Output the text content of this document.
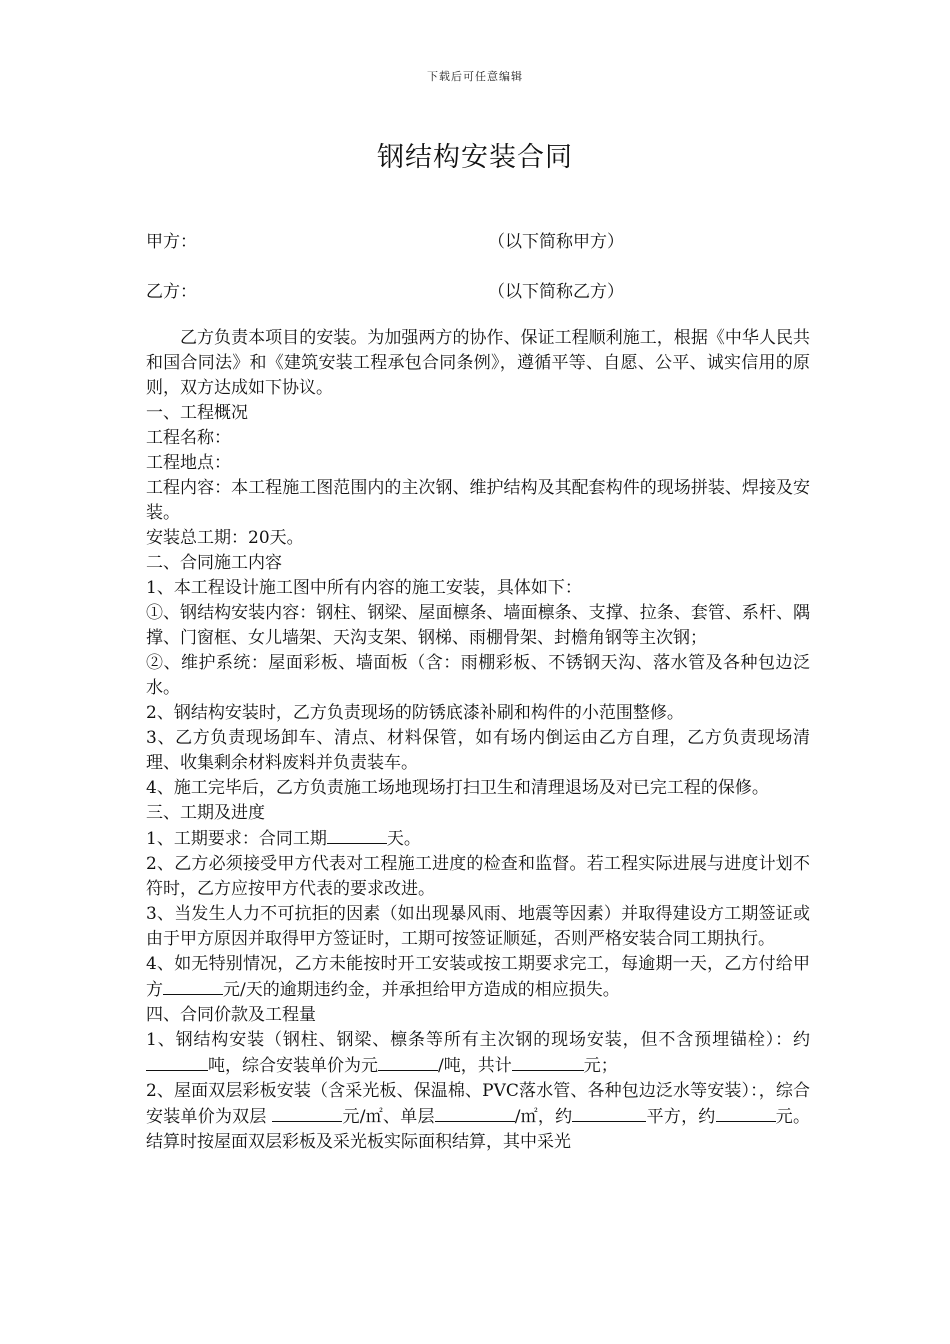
下载后可任意编辑
钢结构安装合同
甲方：	（以下简称甲方）
乙方：	（以下简称乙方）

乙方负责本项目的安装。为加强两方的协作、保证工程顺利施工，根据《中华人民共和国合同法》和《建筑安装工程承包合同条例》，遵循平等、自愿、公平、诚实信用的原则，双方达成如下协议。

一、工程概况

工程名称：

工程地点：

工程内容：本工程施工图范围内的主次钢、维护结构及其配套构件的现场拼装、焊接及安装。

安装总工期：20天。

二、合同施工内容

1、本工程设计施工图中所有内容的施工安装，具体如下：

①、钢结构安装内容：钢柱、钢梁、屋面檩条、墙面檩条、支撑、拉条、套管、系杆、隅撑、门窗框、女儿墙架、天沟支架、钢梯、雨棚骨架、封檐角钢等主次钢；

②、维护系统：屋面彩板、墙面板（含：雨棚彩板、不锈钢天沟、落水管及各种包边泛水。

2、钢结构安装时，乙方负责现场的防锈底漆补刷和构件的小范围整修。

3、乙方负责现场卸车、清点、材料保管，如有场内倒运由乙方自理，乙方负责现场清理、收集剩余材料废料并负责装车。

4、施工完毕后，乙方负责施工场地现场打扫卫生和清理退场及对已完工程的保修。

三、工期及进度

1、工期要求：合同工期	天。

2、乙方必须接受甲方代表对工程施工进度的检查和监督。若工程实际进展与进度计划不符时，乙方应按甲方代表的要求改进。

3、当发生人力不可抗拒的因素（如出现暴风雨、地震等因素）并取得建设方工期签证或由于甲方原因并取得甲方签证时，工期可按签证顺延，否则严格安装合同工期执行。

4、如无特别情况，乙方未能按时开工安装或按工期要求完工，每逾期一天，乙方付给甲方	元/天的逾期违约金，并承担给甲方造成的相应损失。

四、合同价款及工程量

1、钢结构安装（钢柱、钢梁、檩条等所有主次钢的现场安装，但不含预埋锚栓）：约吨，综合安装单价为元	/吨，共计	元；

2、屋面双层彩板安装（含采光板、保温棉、PVC落水管、各种包边泛水等安装）：，综合安装单价为双层	元/㎡、单层	/㎡，约	平方，约	元。结算时按屋面双层彩板及采光板实际面积结算，其中采光
